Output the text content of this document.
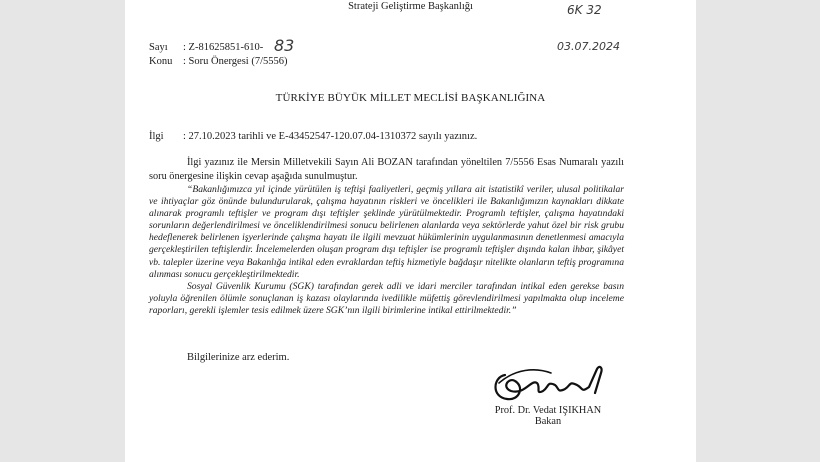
Strateji Geliştirme Başkanlığı	6K 32
Sayı : Z-81625851-610- 83	03.07.2024
Konu : Soru Önergesi (7/5556)
TÜRKİYE BÜYÜK MİLLET MECLİSİ BAŞKANLIĞINA
İlgi : 27.10.2023 tarihli ve E-43452547-120.07.04-1310372 sayılı yazınız.
İlgi yazınız ile Mersin Milletvekili Sayın Ali BOZAN tarafından yöneltilen 7/5556 Esas Numaralı yazılı soru önergesine ilişkin cevap aşağıda sunulmuştur.

“Bakanlığımızca yıl içinde yürütülen iş teftişi faaliyetleri, geçmiş yıllara ait istatistikî veriler, ulusal politikalar ve ihtiyaçlar göz önünde bulundurularak, çalışma hayatının riskleri ve öncelikleri ile Bakanlığımızın kaynakları dikkate alınarak programlı teftişler ve program dışı teftişler şeklinde yürütülmektedir. Programlı teftişler, çalışma hayatındaki sorunların değerlendirilmesi ve önceliklendirilmesi sonucu belirlenen alanlarda veya sektörlerde yahut özel bir risk grubu hedeflenerek belirlenen işyerlerinde çalışma hayatı ile ilgili mevzuat hükümlerinin uygulanmasının denetlenmesi amacıyla gerçekleştirilen teftişlerdir. İncelemelerden oluşan program dışı teftişler ise programlı teftişler dışında kalan ihbar, şikâyet vb. talepler üzerine veya Bakanlığa intikal eden evraklardan teftiş hizmetiyle bağdaşır nitelikte olanların teftiş programına alınması sonucu gerçekleştirilmektedir.

Sosyal Güvenlik Kurumu (SGK) tarafından gerek adli ve idari merciler tarafından intikal eden gerekse basın yoluyla öğrenilen ölümle sonuçlanan iş kazası olaylarında ivedilikle müfettiş görevlendirilmesi yapılmakta olup inceleme raporları, gerekli işlemler tesis edilmek üzere SGK’nın ilgili birimlerine intikal ettirilmektedir.”

Bilgilerinize arz ederim.
Prof. Dr. Vedat IŞIKHAN
Bakan
